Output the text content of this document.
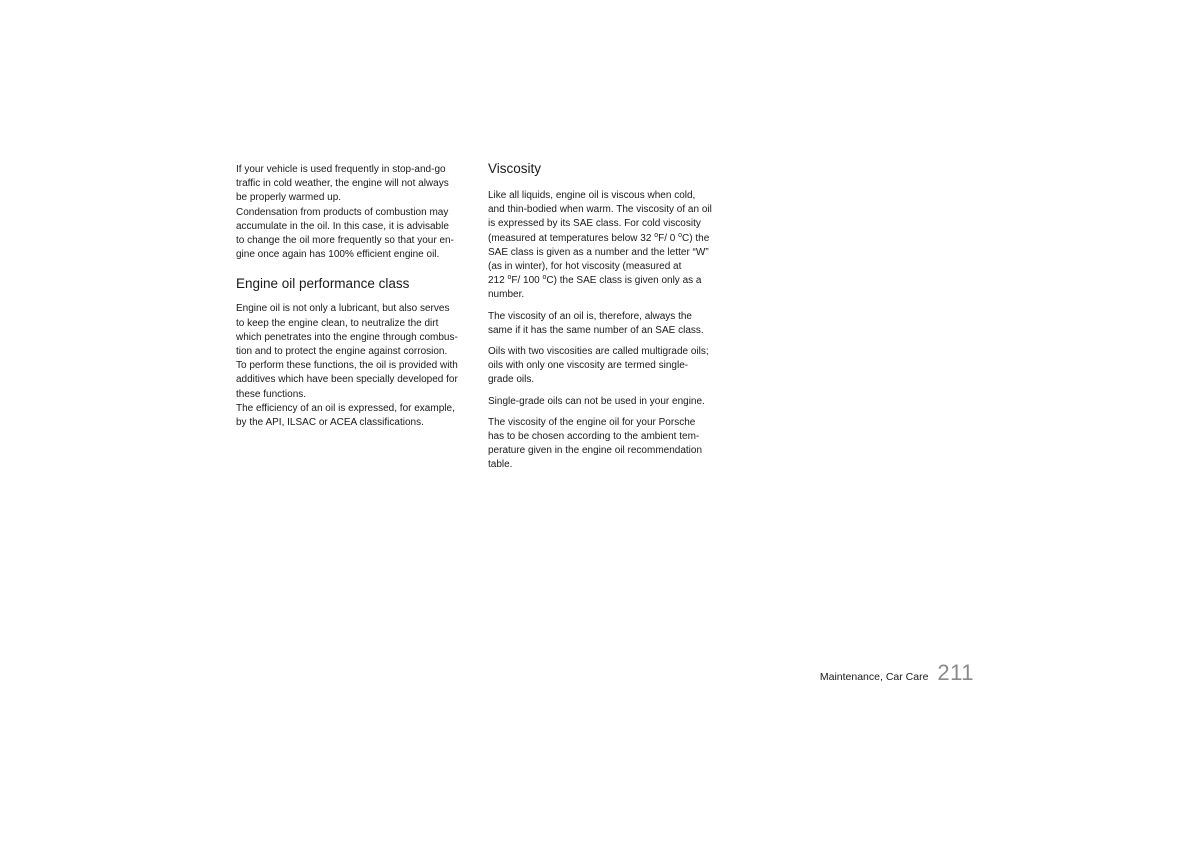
If your vehicle is used frequently in stop-and-go
traffic in cold weather, the engine will not always
be properly warmed up.

Condensation from products of combustion may
accumulate in the oil. In this case, it is advisable
to change the oil more frequently so that your en-
gine once again has 100% efficient engine oil.

Engine oil performance class

Engine oil is not only a lubricant, but also serves
to keep the engine clean, to neutralize the dirt
which penetrates into the engine through combus-
tion and to protect the engine against corrosion.

To perform these functions, the oil is provided with
additives which have been specially developed for
these functions.

The efficiency of an oil is expressed, for example,
by the API, ILSAC or ACEA classifications.

Viscosity

Like all liquids, engine oil is viscous when cold,
and thin-bodied when warm. The viscosity of an oil
is expressed by its SAE class. For cold viscosity
(measured at temperatures below 32 $^o$F/ 0 $^o$C) the
SAE class is given as a number and the letter “W”
(as in winter), for hot viscosity (measured at
212 $^o$F/ 100 $^o$C) the SAE class is given only as a
number.

The viscosity of an oil is, therefore, always the
same if it has the same number of an SAE class.

Oils with two viscosities are called multigrade oils;
oils with only one viscosity are termed single-
grade oils.

Single-grade oils can not be used in your engine.

The viscosity of the engine oil for your Porsche
has to be chosen according to the ambient tem-
perature given in the engine oil recommendation
table.

Maintenance, Car Care 211
